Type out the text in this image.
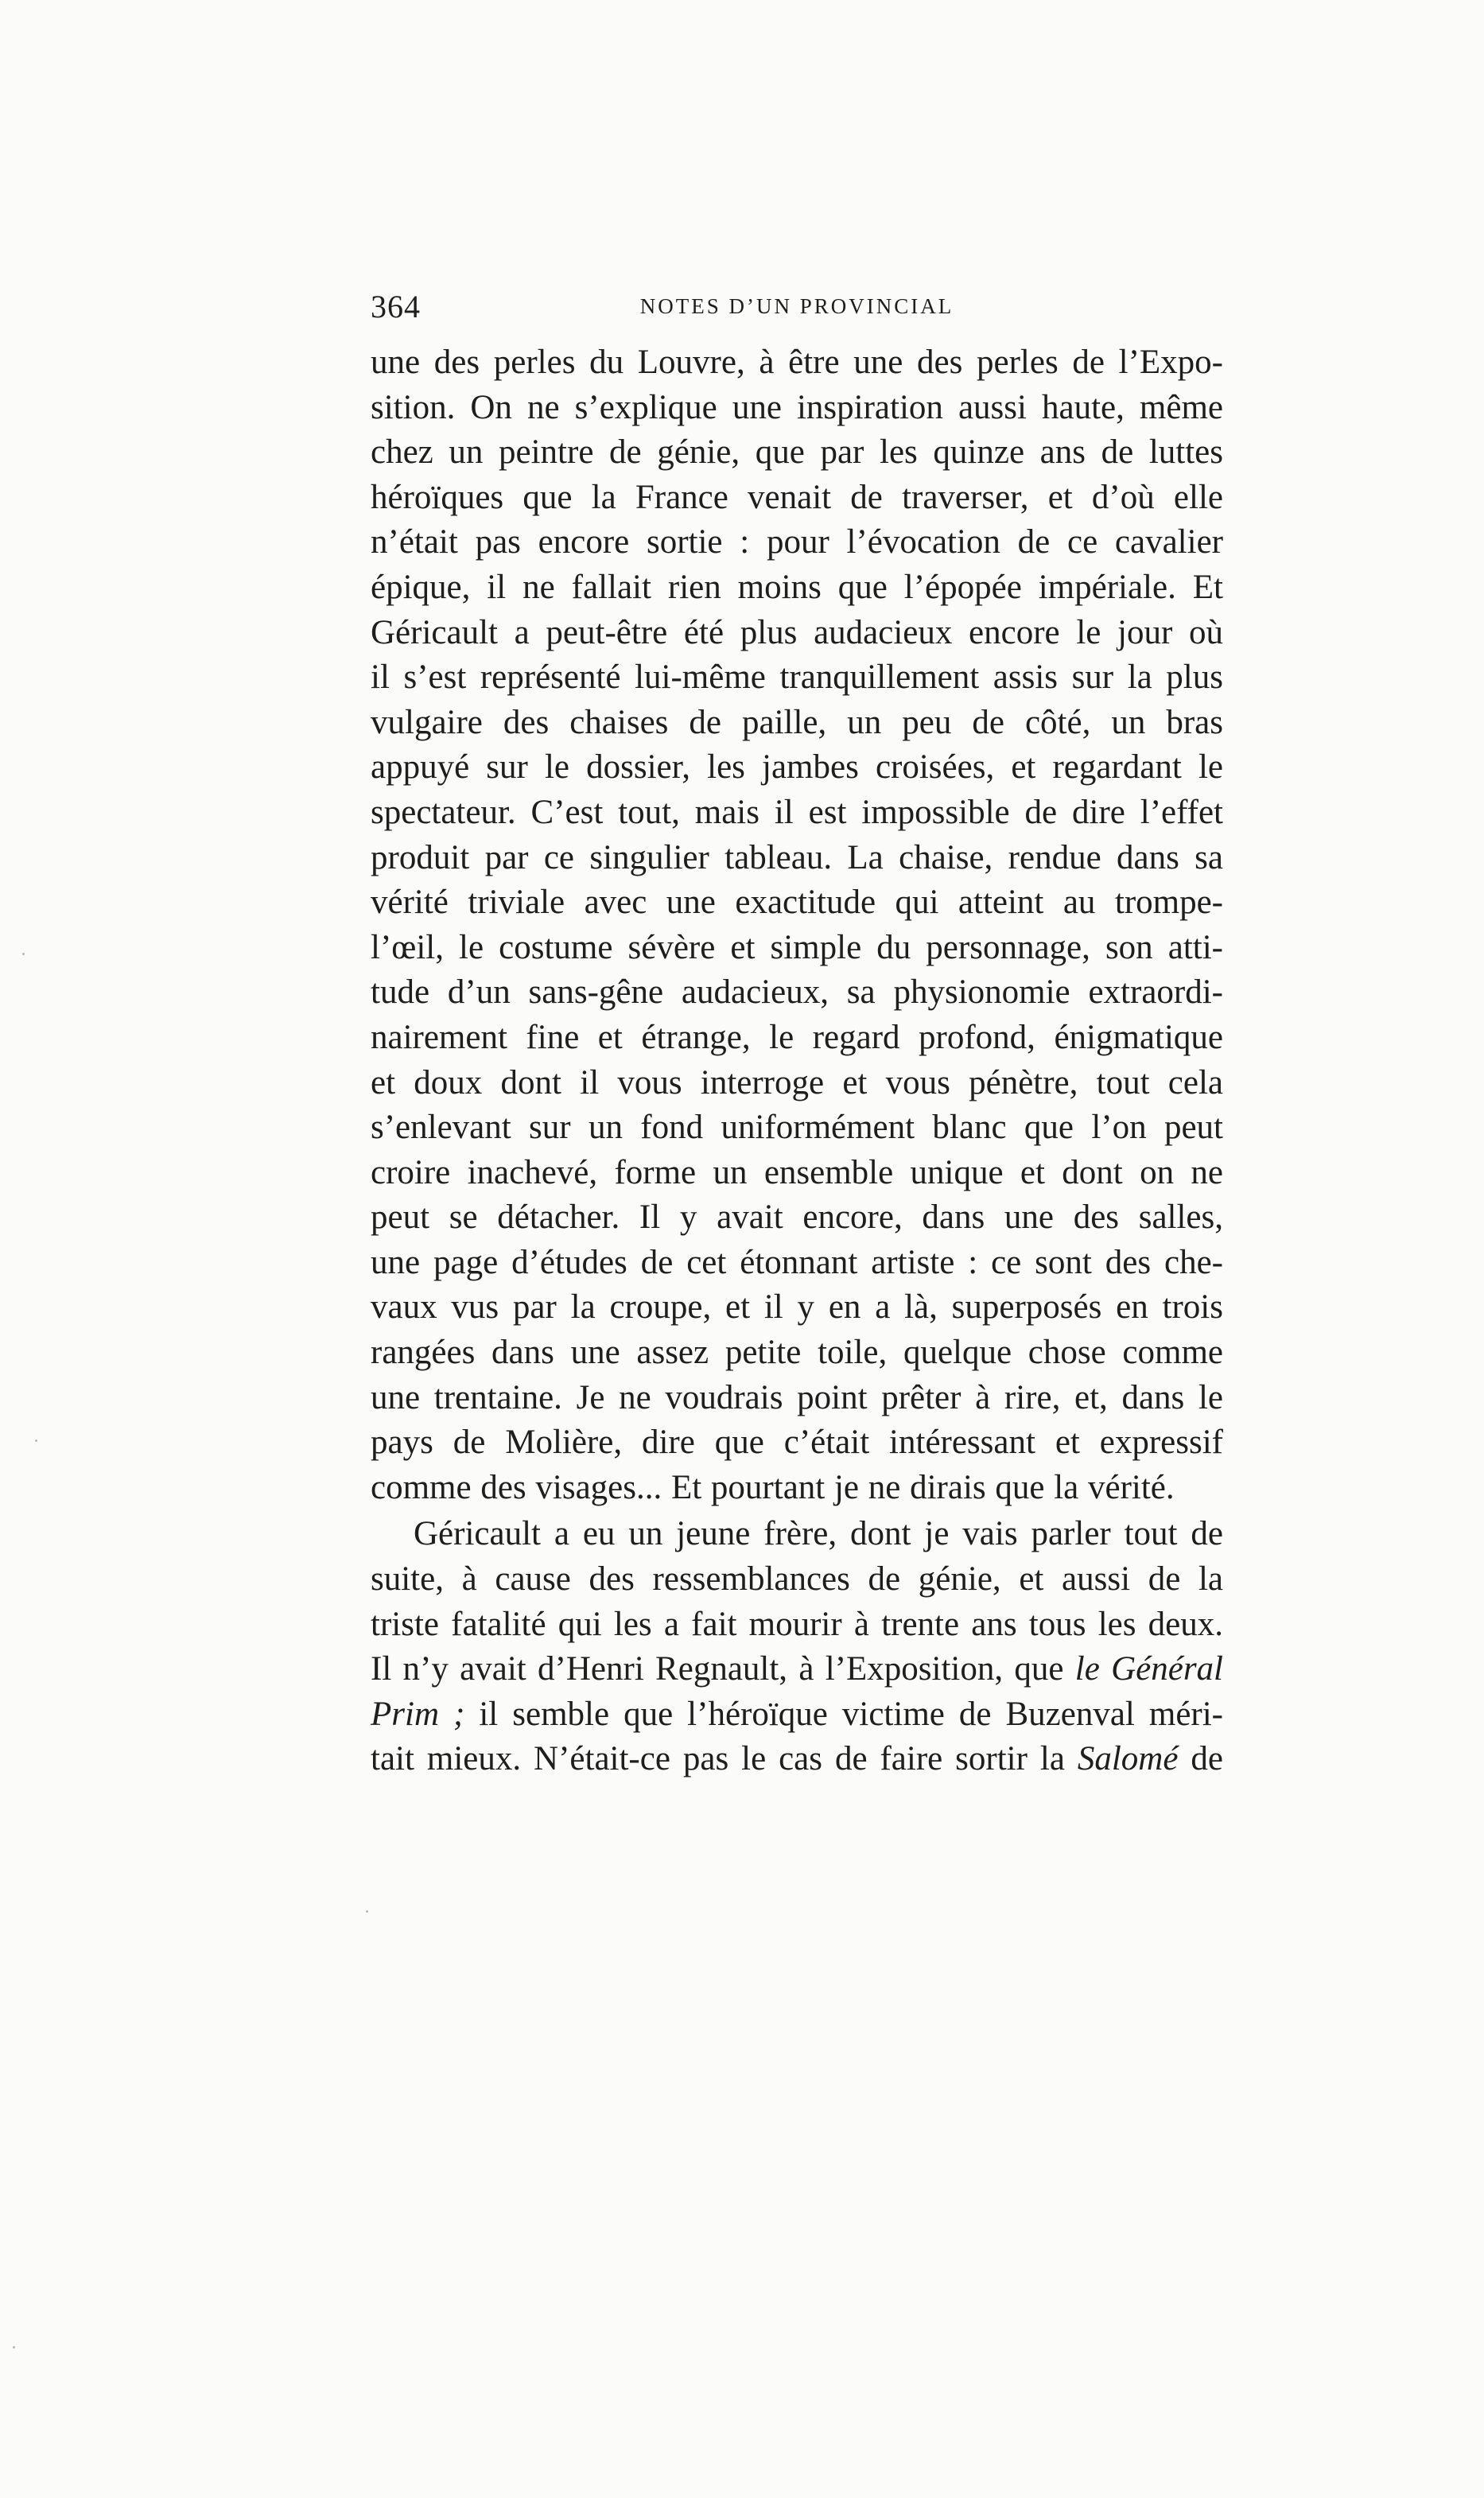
364	NOTES D’UN PROVINCIAL
une des perles du Louvre, à être une des perles de l’Expo-
sition. On ne s’explique une inspiration aussi haute, même
chez un peintre de génie, que par les quinze ans de luttes
héroïques que la France venait de traverser, et d’où elle
n’était pas encore sortie : pour l’évocation de ce cavalier
épique, il ne fallait rien moins que l’épopée impériale. Et
Géricault a peut-être été plus audacieux encore le jour où
il s’est représenté lui-même tranquillement assis sur la plus
vulgaire des chaises de paille, un peu de côté, un bras
appuyé sur le dossier, les jambes croisées, et regardant le
spectateur. C’est tout, mais il est impossible de dire l’effet
produit par ce singulier tableau. La chaise, rendue dans sa
vérité triviale avec une exactitude qui atteint au trompe-
l’œil, le costume sévère et simple du personnage, son atti-
tude d’un sans-gêne audacieux, sa physionomie extraordi-
nairement fine et étrange, le regard profond, énigmatique
et doux dont il vous interroge et vous pénètre, tout cela
s’enlevant sur un fond uniformément blanc que l’on peut
croire inachevé, forme un ensemble unique et dont on ne
peut se détacher. Il y avait encore, dans une des salles,
une page d’études de cet étonnant artiste : ce sont des che-
vaux vus par la croupe, et il y en a là, superposés en trois
rangées dans une assez petite toile, quelque chose comme
une trentaine. Je ne voudrais point prêter à rire, et, dans le
pays de Molière, dire que c’était intéressant et expressif
comme des visages... Et pourtant je ne dirais que la vérité.
Géricault a eu un jeune frère, dont je vais parler tout de
suite, à cause des ressemblances de génie, et aussi de la
triste fatalité qui les a fait mourir à trente ans tous les deux.
Il n’y avait d’Henri Regnault, à l’Exposition, que le Général
Prim ; il semble que l’héroïque victime de Buzenval méri-
tait mieux. N’était-ce pas le cas de faire sortir la Salomé de
